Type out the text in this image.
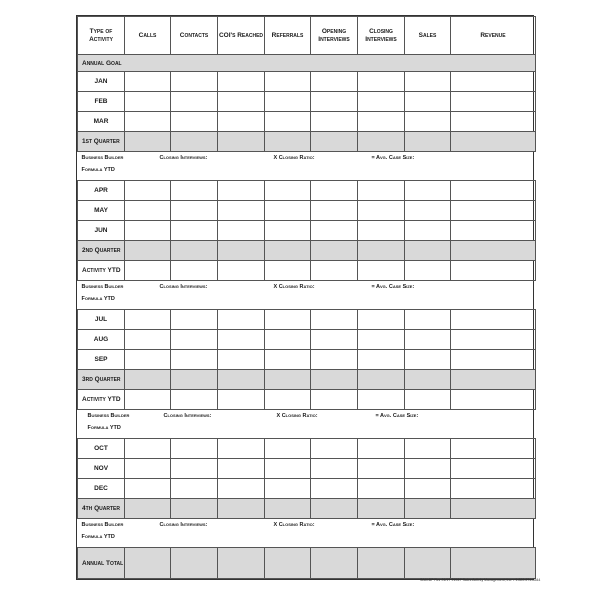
Type of Activity	Calls	Contacts	COI's Reached	Referrals	Opening Interviews	Closing Interviews	Sales	Revenue
Annual Goal								
JAN								
FEB								
MAR								
1st Quarter								

Business Builder
Formula YTD
Closing Interviews: X Closing Ratio: = Avg. Case Size:								

APR								
MAY								
JUN								
2nd Quarter								
Activity YTD								

Business Builder
Formula YTD
Closing Interviews: X Closing Ratio: = Avg. Case Size:								

JUL								
AUG								
SEP								
3rd Quarter								
Activity YTD								

Business Builder
Formula YTD
Closing Interviews: X Closing Ratio: = Avg. Case Size:								

OCT								
NOV								
DEC								
4th Quarter								

Business Builder
Formula YTD
Closing Interviews: X Closing Ratio: = Avg. Case Size:								

Annual Total								
SAM-BP Rev 01/17 ©2017 Sales Activity Management, Inc. • 1-800-274-8544
